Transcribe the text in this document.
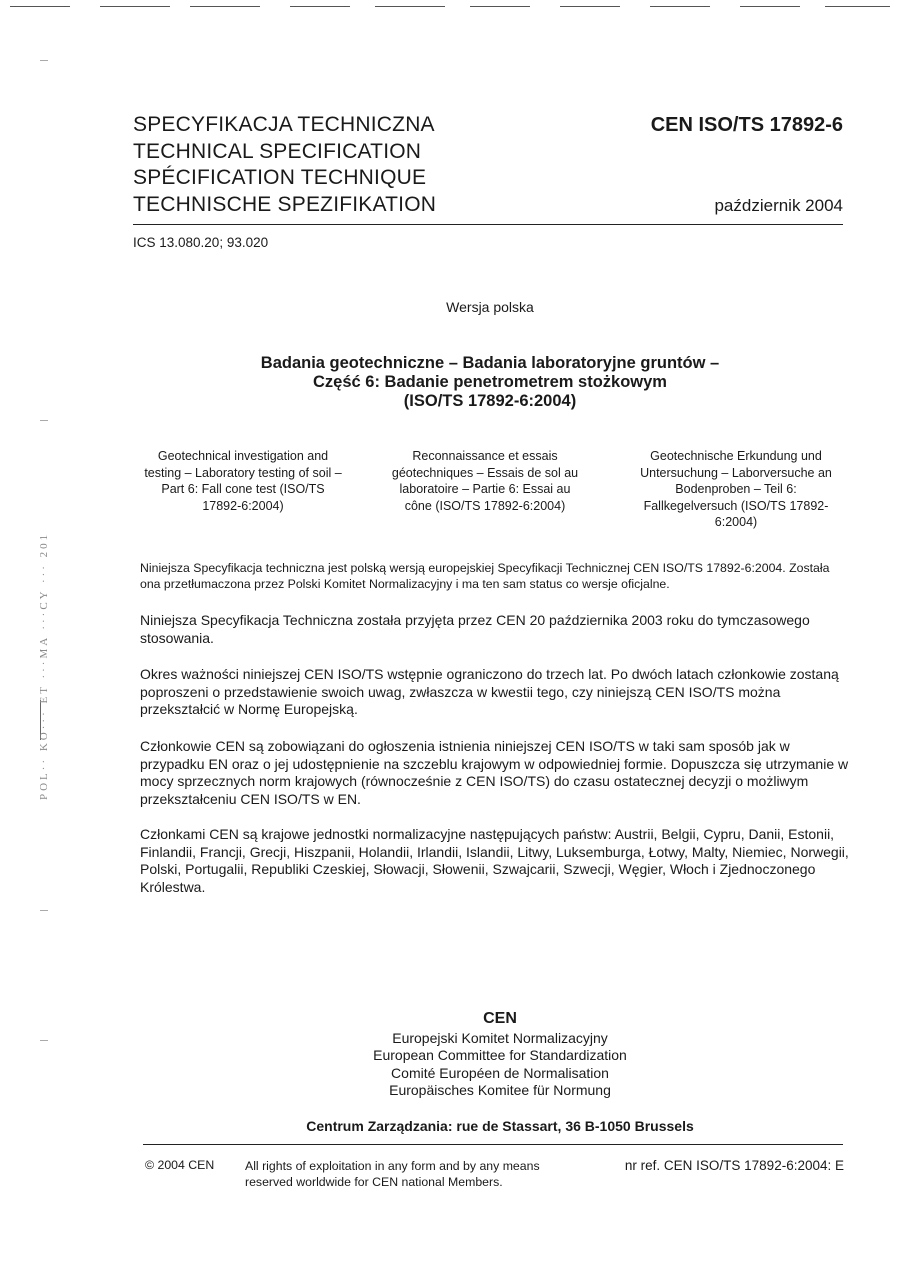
POL·· KO··· ET ···MA ···CY ··· 201
SPECYFIKACJA TECHNICZNA
TECHNICAL SPECIFICATION
SPÉCIFICATION TECHNIQUE
TECHNISCHE SPEZIFIKATION
CEN ISO/TS 17892-6
październik 2004
ICS 13.080.20; 93.020
Wersja polska
Badania geotechniczne – Badania laboratoryjne gruntów –
Część 6: Badanie penetrometrem stożkowym
(ISO/TS 17892-6:2004)
Geotechnical investigation and testing – Laboratory testing of soil – Part 6: Fall cone test (ISO/TS 17892-6:2004)
Reconnaissance et essais géotechniques – Essais de sol au laboratoire – Partie 6: Essai au cône (ISO/TS 17892-6:2004)
Geotechnische Erkundung und Untersuchung – Laborversuche an Bodenproben – Teil 6: Fallkegelversuch (ISO/TS 17892-6:2004)
Niniejsza Specyfikacja techniczna jest polską wersją europejskiej Specyfikacji Technicznej CEN ISO/TS 17892-6:2004. Została ona przetłumaczona przez Polski Komitet Normalizacyjny i ma ten sam status co wersje oficjalne.
Niniejsza Specyfikacja Techniczna została przyjęta przez CEN 20 października 2003 roku do tymczasowego stosowania.
Okres ważności niniejszej CEN ISO/TS wstępnie ograniczono do trzech lat. Po dwóch latach członkowie zostaną poproszeni o przedstawienie swoich uwag, zwłaszcza w kwestii tego, czy niniejszą CEN ISO/TS można przekształcić w Normę Europejską.
Członkowie CEN są zobowiązani do ogłoszenia istnienia niniejszej CEN ISO/TS w taki sam sposób jak w przypadku EN oraz o jej udostępnienie na szczeblu krajowym w odpowiedniej formie. Dopuszcza się utrzymanie w mocy sprzecznych norm krajowych (równocześnie z CEN ISO/TS) do czasu ostatecznej decyzji o możliwym przekształceniu CEN ISO/TS w EN.
Członkami CEN są krajowe jednostki normalizacyjne następujących państw: Austrii, Belgii, Cypru, Danii, Estonii, Finlandii, Francji, Grecji, Hiszpanii, Holandii, Irlandii, Islandii, Litwy, Luksemburga, Łotwy, Malty, Niemiec, Norwegii, Polski, Portugalii, Republiki Czeskiej, Słowacji, Słowenii, Szwajcarii, Szwecji, Węgier, Włoch i Zjednoczonego Królestwa.
CEN
Europejski Komitet Normalizacyjny
European Committee for Standardization
Comité Européen de Normalisation
Europäisches Komitee für Normung
Centrum Zarządzania: rue de Stassart, 36 B-1050 Brussels
© 2004 CEN	All rights of exploitation in any form and by any means reserved worldwide for CEN national Members.
nr ref. CEN ISO/TS 17892-6:2004: E
